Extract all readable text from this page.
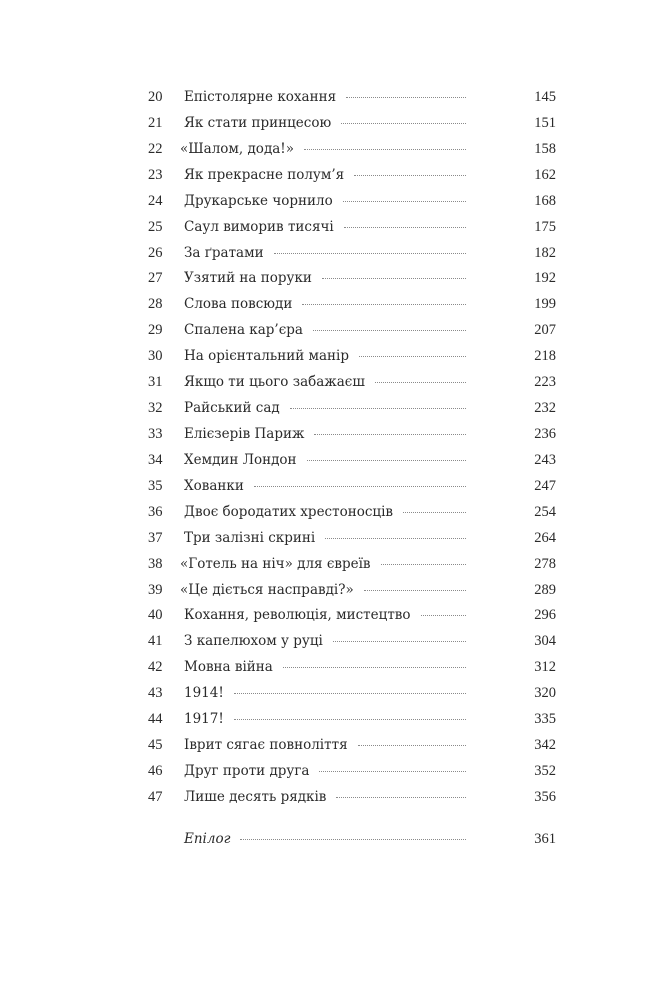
20	Епістолярне кохання	145
21	Як стати принцесою	151
22	«Шалом, дода!»	158
23	Як прекрасне полум’я	162
24	Друкарське чорнило	168
25	Саул виморив тисячі	175
26	За ґратами	182
27	Узятий на поруки	192
28	Слова повсюди	199
29	Спалена кар’єра	207
30	На орієнтальний манір	218
31	Якщо ти цього забажаєш	223
32	Райський сад	232
33	Елієзерів Париж	236
34	Хемдин Лондон	243
35	Хованки	247
36	Двоє бородатих хрестоносців	254
37	Три залізні скрині	264
38	«Готель на ніч» для євреїв	278
39	«Це діється насправді?»	289
40	Кохання, революція, мистецтво	296
41	З капелюхом у руці	304
42	Мовна війна	312
43	1914!	320
44	1917!	335
45	Іврит сягає повноліття	342
46	Друг проти друга	352
47	Лише десять рядків	356
Епілог	361
